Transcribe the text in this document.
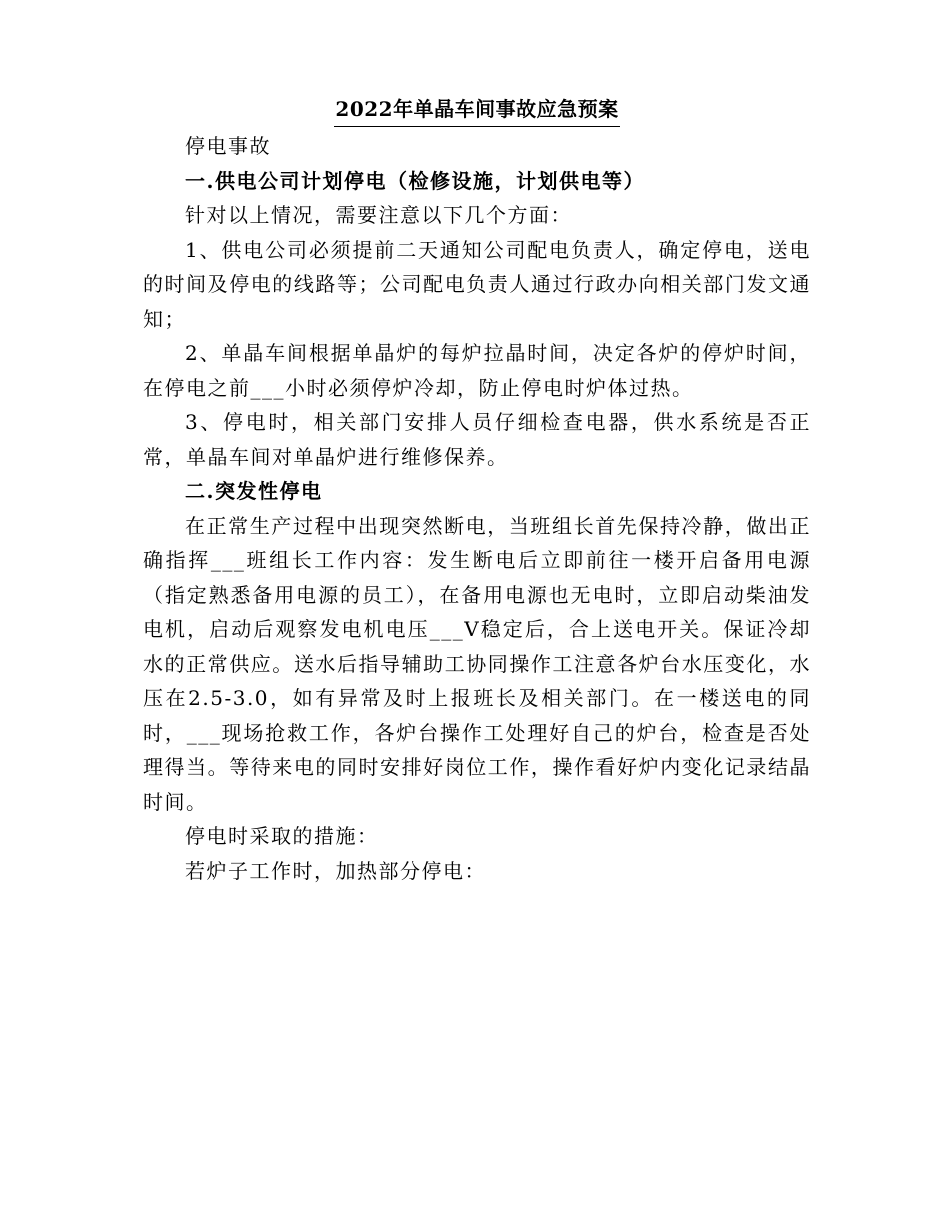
2022年单晶车间事故应急预案

停电事故

一.供电公司计划停电（检修设施，计划供电等）

针对以上情况，需要注意以下几个方面：

1、供电公司必须提前二天通知公司配电负责人，确定停电，送电的时间及停电的线路等；公司配电负责人通过行政办向相关部门发文通知；

2、单晶车间根据单晶炉的每炉拉晶时间，决定各炉的停炉时间，在停电之前___小时必须停炉冷却，防止停电时炉体过热。

3、停电时，相关部门安排人员仔细检查电器，供水系统是否正常，单晶车间对单晶炉进行维修保养。

二.突发性停电

在正常生产过程中出现突然断电，当班组长首先保持冷静，做出正确指挥___班组长工作内容：发生断电后立即前往一楼开启备用电源（指定熟悉备用电源的员工），在备用电源也无电时，立即启动柴油发电机，启动后观察发电机电压___V稳定后，合上送电开关。保证冷却水的正常供应。送水后指导辅助工协同操作工注意各炉台水压变化，水压在2.5-3.0，如有异常及时上报班长及相关部门。在一楼送电的同时，___现场抢救工作，各炉台操作工处理好自己的炉台，检查是否处理得当。等待来电的同时安排好岗位工作，操作看好炉内变化记录结晶时间。

停电时采取的措施：

若炉子工作时，加热部分停电：
